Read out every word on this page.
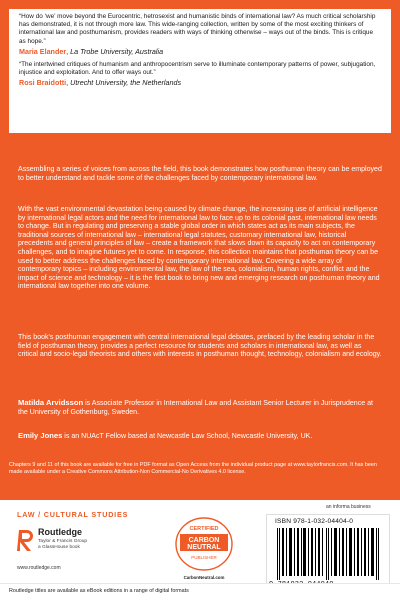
“How do ‘we’ move beyond the Eurocentric, hetrosexist and humanistic binds of international law? As much critical scholarship has demonstrated, it is not through more law. This wide-ranging collection, written by some of the most exciting thinkers of international law and posthumanism, provides readers with ways of thinking otherwise – ways out of the binds. This is critique as hope.”

Maria Elander, La Trobe University, Australia

“The intertwined critiques of humanism and anthropocentrism serve to illuminate contemporary patterns of power, subjugation, injustice and exploitation. And to offer ways out.”

Rosi Braidotti, Utrecht University, the Netherlands

Assembling a series of voices from across the field, this book demonstrates how posthuman theory can be employed to better understand and tackle some of the challenges faced by contemporary international law.

With the vast environmental devastation being caused by climate change, the increasing use of artificial intelligence by international legal actors and the need for international law to face up to its colonial past, international law needs to change. But in regulating and preserving a stable global order in which states act as its main subjects, the traditional sources of international law – international legal statutes, customary international law, historical precedents and general principles of law – create a framework that slows down its capacity to act on contemporary challenges, and to imagine futures yet to come. In response, this collection maintains that posthuman theory can be used to better address the challenges faced by contemporary international law. Covering a wide array of contemporary topics – including environmental law, the law of the sea, colonialism, human rights, conflict and the impact of science and technology – it is the first book to bring new and emerging research on posthuman theory and international law together into one volume.

This book's posthuman engagement with central international legal debates, prefaced by the leading scholar in the field of posthuman theory, provides a perfect resource for students and scholars in international law, as well as critical and socio-legal theorists and others with interests in posthuman thought, technology, colonialism and ecology.

Matilda Arvidsson is Associate Professor in International Law and Assistant Senior Lecturer in Jurisprudence at the University of Gothenburg, Sweden.

Emily Jones is an NUAcT Fellow based at Newcastle Law School, Newcastle University, UK.

Chapters 9 and 11 of this book are available for free in PDF format as Open Access from the individual product page at www.taylorfrancis.com. It has been made available under a Creative Commons Attribution-Non Commercial-No Derivatives 4.0 license.
LAW / CULTURAL STUDIES
Routledge
Taylor & Francis Group
a GlassHouse book
www.routledge.com
CERTIFIED
CARBON
NEUTRAL
PUBLISHER
CarbonNeutral.com
an informa business
ISBN 978-1-032-04404-0
Routledge titles are available as eBook editions in a range of digital formats
